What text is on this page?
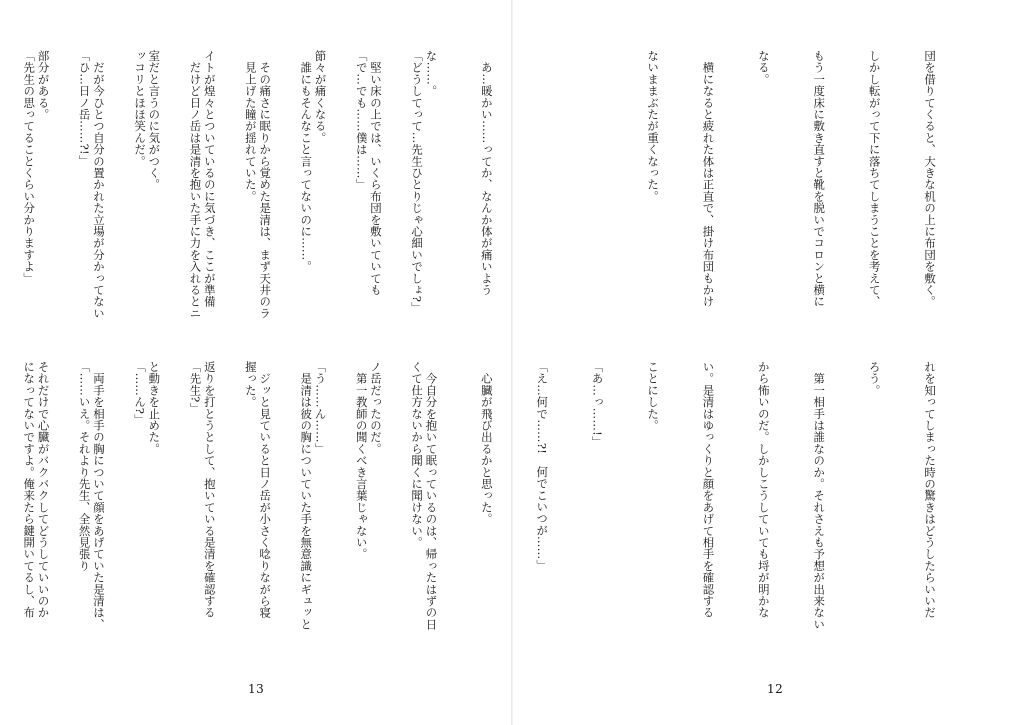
「どうしてって…先生ひとりじゃ心細いでしょ?」

「で…でも……僕は……」

　誰にもそんなこと言ってないのに……。

　見上げた瞳が揺れていた。

　だけど日ノ岳は是清を抱いた手に力を入れるとニ

ッコリとほほ笑んだ。

「ひ…日ノ岳……?!」

「先生の思ってることくらい分かりますよ」

くて仕方ないから聞くに聞けない。

　第一教師の聞くべき言葉じゃない。

　是清は彼の胸についていた手を無意識にギュッと

握った。

「先生?」

「……ん?」

「……いえ。それより先生、全然見張り

になってないですよ。俺来たら鍵開いてるし、布

13

団を借りてくると、大きな机の上に布団を敷く。

しかし転がって下に落ちてしまうことを考えて、

もう一度床に敷き直すと靴を脱いでコロンと横に

なる。

　横になると疲れた体は正直で、掛け布団もかけ

ないままぶたが重くなった。

　あ…暖かい……ってか、なんか体が痛いよう

な……。

　堅い床の上では、いくら布団を敷いていても

節々が痛くなる。

　その痛さに眠りから覚めた是清は、まず天井のラ

イトが煌々とついているのに気づき、ここが準備

室だと言うのに気がつく。

　だが今ひとつ自分の置かれた立場が分かってない

部分がある。

れを知ってしまった時の驚きはどうしたらいいだ

ろう。

　第一相手は誰なのか。それさえも予想が出来ない

から怖いのだ。しかしこうしていても埒が明かな

い。是清はゆっくりと顔をあげて相手を確認する

ことにした。

「あ…っ……!」

「え…何で……?!　何でこいつが……」

　心臓が飛び出るかと思った。

　今自分を抱いて眠っているのは、帰ったはずの日

ノ岳だったのだ。

「う……ん……」

　ジッと見ていると日ノ岳が小さく唸りながら寝

返りを打とうとして、抱いている是清を確認する

と動きを止めた。

　両手を相手の胸について顔をあげていた是清は、

それだけで心臓がバクバクしてどうしていいのか

12
